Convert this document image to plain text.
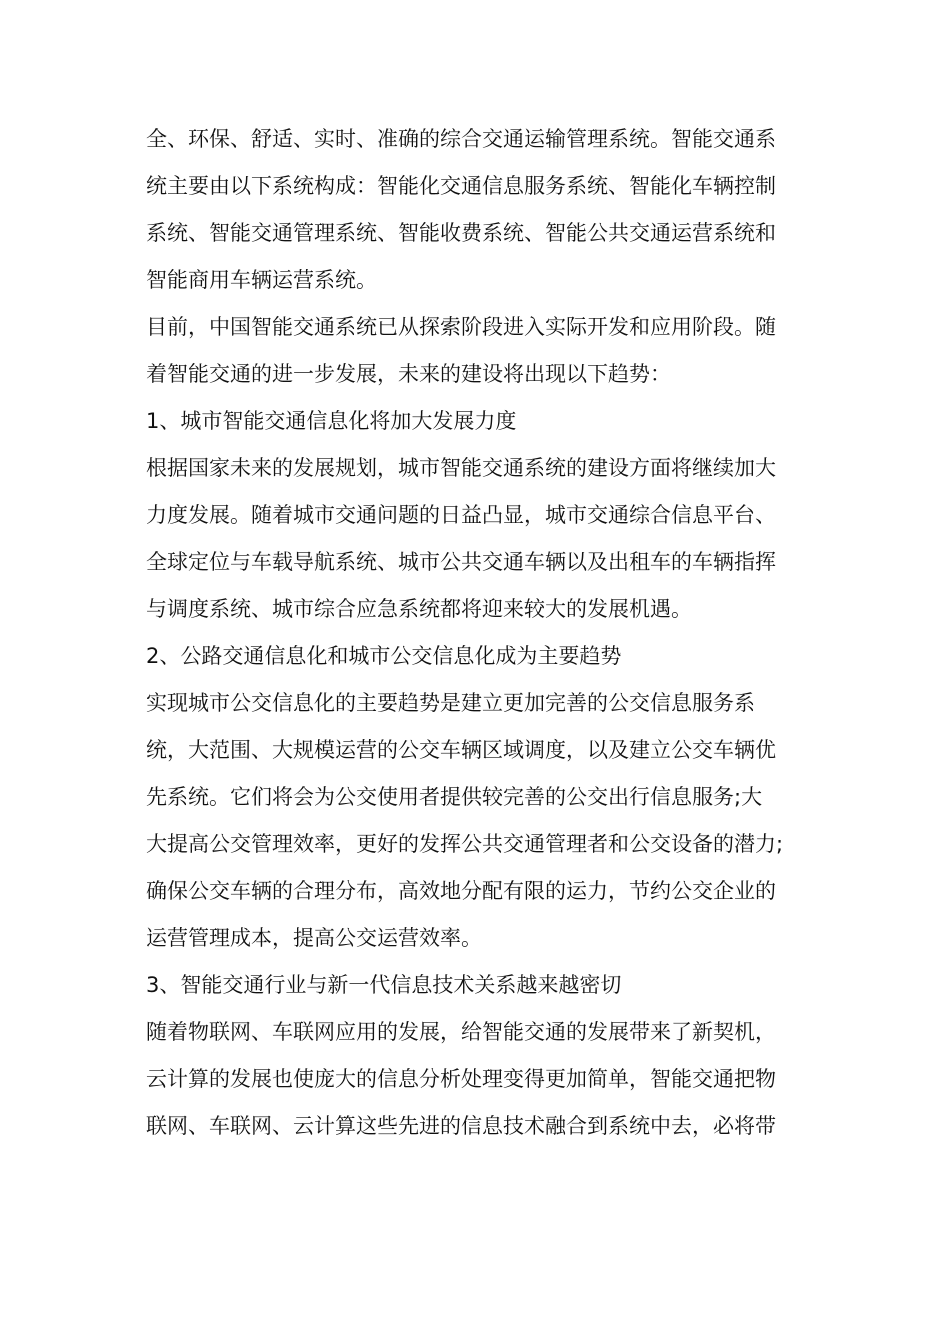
全、环保、舒适、实时、准确的综合交通运输管理系统。智能交通系
统主要由以下系统构成：智能化交通信息服务系统、智能化车辆控制
系统、智能交通管理系统、智能收费系统、智能公共交通运营系统和
智能商用车辆运营系统。
目前，中国智能交通系统已从探索阶段进入实际开发和应用阶段。随
着智能交通的进一步发展，未来的建设将出现以下趋势：
1、城市智能交通信息化将加大发展力度
根据国家未来的发展规划，城市智能交通系统的建设方面将继续加大
力度发展。随着城市交通问题的日益凸显，城市交通综合信息平台、
全球定位与车载导航系统、城市公共交通车辆以及出租车的车辆指挥
与调度系统、城市综合应急系统都将迎来较大的发展机遇。
2、公路交通信息化和城市公交信息化成为主要趋势
实现城市公交信息化的主要趋势是建立更加完善的公交信息服务系
统，大范围、大规模运营的公交车辆区域调度，以及建立公交车辆优
先系统。它们将会为公交使用者提供较完善的公交出行信息服务;大
大提高公交管理效率，更好的发挥公共交通管理者和公交设备的潜力;
确保公交车辆的合理分布，高效地分配有限的运力，节约公交企业的
运营管理成本，提高公交运营效率。
3、智能交通行业与新一代信息技术关系越来越密切
随着物联网、车联网应用的发展，给智能交通的发展带来了新契机，
云计算的发展也使庞大的信息分析处理变得更加简单，智能交通把物
联网、车联网、云计算这些先进的信息技术融合到系统中去，必将带
